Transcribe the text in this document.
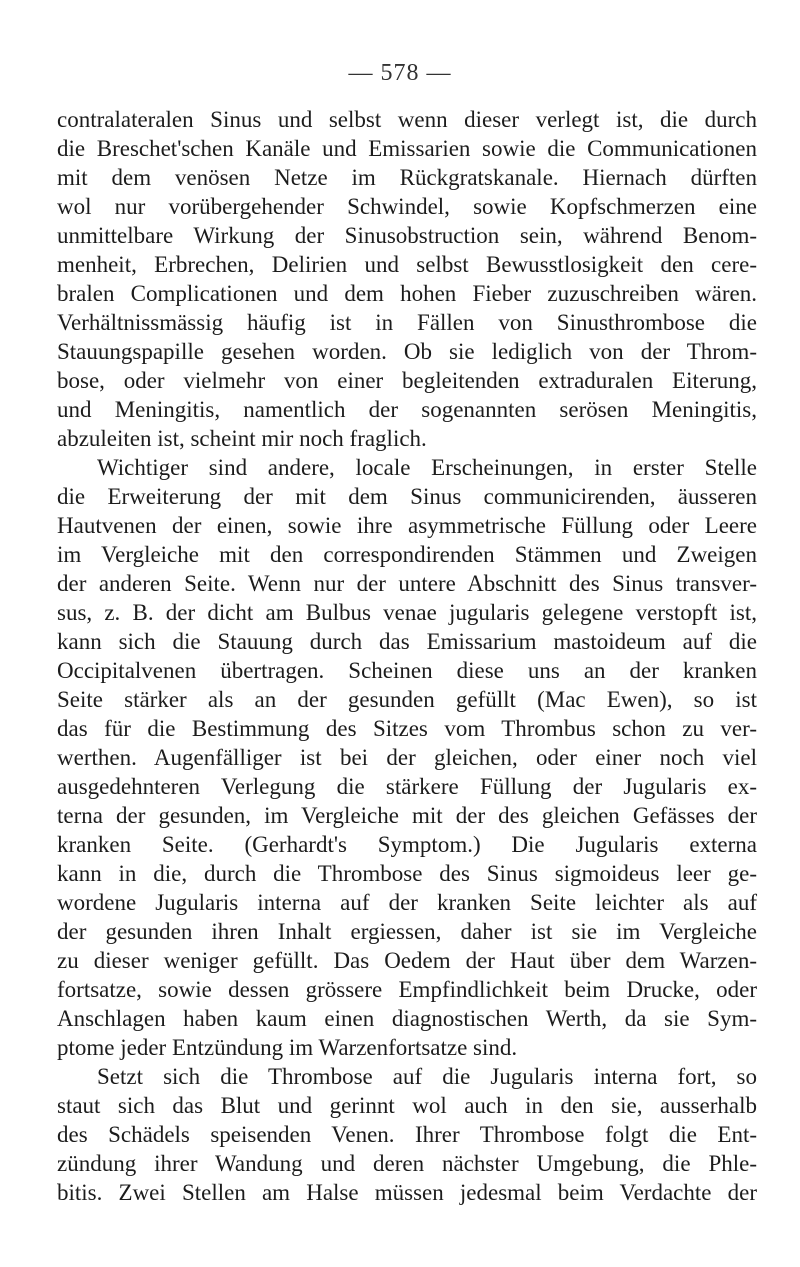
— 578 —
contralateralen Sinus und selbst wenn dieser verlegt ist, die durch
die Breschet'schen Kanäle und Emissarien sowie die Communicationen
mit dem venösen Netze im Rückgratskanale. Hiernach dürften
wol nur vorübergehender Schwindel, sowie Kopfschmerzen eine
unmittelbare Wirkung der Sinusobstruction sein, während Benom-
menheit, Erbrechen, Delirien und selbst Bewusstlosigkeit den cere-
bralen Complicationen und dem hohen Fieber zuzuschreiben wären.
Verhältnissmässig häufig ist in Fällen von Sinusthrombose die
Stauungspapille gesehen worden. Ob sie lediglich von der Throm-
bose, oder vielmehr von einer begleitenden extraduralen Eiterung,
und Meningitis, namentlich der sogenannten serösen Meningitis,
abzuleiten ist, scheint mir noch fraglich.
Wichtiger sind andere, locale Erscheinungen, in erster Stelle
die Erweiterung der mit dem Sinus communicirenden, äusseren
Hautvenen der einen, sowie ihre asymmetrische Füllung oder Leere
im Vergleiche mit den correspondirenden Stämmen und Zweigen
der anderen Seite. Wenn nur der untere Abschnitt des Sinus transver-
sus, z. B. der dicht am Bulbus venae jugularis gelegene verstopft ist,
kann sich die Stauung durch das Emissarium mastoideum auf die
Occipitalvenen übertragen. Scheinen diese uns an der kranken
Seite stärker als an der gesunden gefüllt (Mac Ewen), so ist
das für die Bestimmung des Sitzes vom Thrombus schon zu ver-
werthen. Augenfälliger ist bei der gleichen, oder einer noch viel
ausgedehnteren Verlegung die stärkere Füllung der Jugularis ex-
terna der gesunden, im Vergleiche mit der des gleichen Gefässes der
kranken Seite. (Gerhardt's Symptom.) Die Jugularis externa
kann in die, durch die Thrombose des Sinus sigmoideus leer ge-
wordene Jugularis interna auf der kranken Seite leichter als auf
der gesunden ihren Inhalt ergiessen, daher ist sie im Vergleiche
zu dieser weniger gefüllt. Das Oedem der Haut über dem Warzen-
fortsatze, sowie dessen grössere Empfindlichkeit beim Drucke, oder
Anschlagen haben kaum einen diagnostischen Werth, da sie Sym-
ptome jeder Entzündung im Warzenfortsatze sind.
Setzt sich die Thrombose auf die Jugularis interna fort, so
staut sich das Blut und gerinnt wol auch in den sie, ausserhalb
des Schädels speisenden Venen. Ihrer Thrombose folgt die Ent-
zündung ihrer Wandung und deren nächster Umgebung, die Phle-
bitis. Zwei Stellen am Halse müssen jedesmal beim Verdachte der
